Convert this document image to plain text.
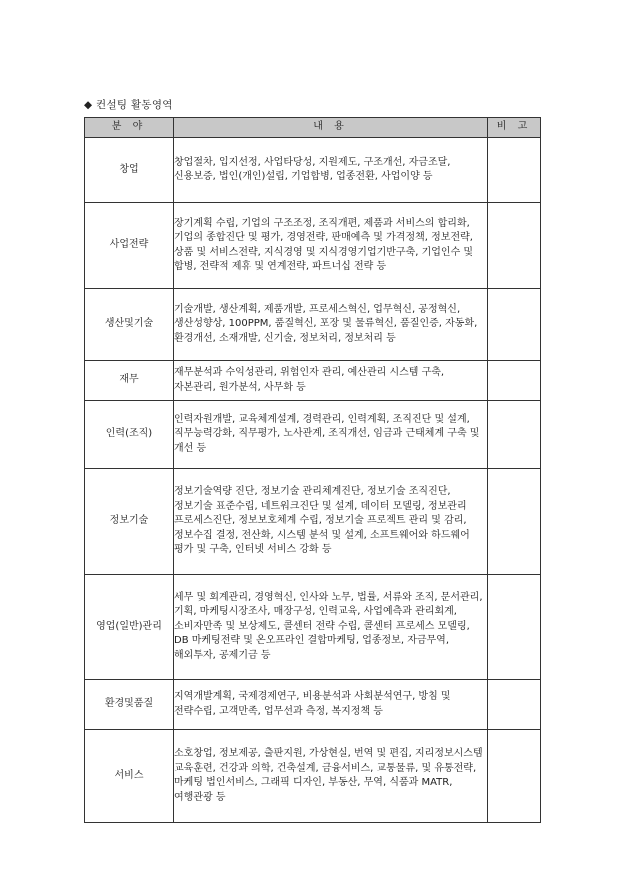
◆ 컨설팅 활동영역
분 야	내 용	비 고
창업	창업절차, 입지선정, 사업타당성, 지원제도, 구조개선, 자금조달, 신용보증, 법인(개인)설립, 기업합병, 업종전환, 사업이양 등	
사업전략	장기계획 수립, 기업의 구조조정, 조직개편, 제품과 서비스의 합리화, 기업의 종합진단 및 평가, 경영전략, 판매예측 및 가격정책, 정보전략, 상품 및 서비스전략, 지식경영 및 지식경영기업기반구축, 기업인수 및 합병, 전략적 제휴 및 연계전략, 파트너십 전략 등	
생산및기술	기술개발, 생산계획, 제품개발, 프로세스혁신, 업무혁신, 공정혁신, 생산성향상, 100PPM, 품질혁신, 포장 및 물류혁신, 품질인증, 자동화, 환경개선, 소재개발, 신기술, 정보처리, 정보처리 등	
재무	재무분석과 수익성관리, 위험인자 관리, 예산관리 시스템 구축, 자본관리, 원가분석, 사무화 등	
인력(조직)	인력자원개발, 교육체계설계, 경력관리, 인력계획, 조직진단 및 설계, 직무능력강화, 직무평가, 노사관계, 조직개선, 임금과 근태체계 구축 및 개선 등	
정보기술	정보기술역량 진단, 정보기술 관리체계진단, 정보기술 조직진단, 정보기술 표준수립, 네트워크진단 및 설계, 데이터 모델링, 정보관리 프로세스진단, 정보보호체계 수립, 정보기술 프로젝트 관리 및 감리, 정보수집 결정, 전산화, 시스템 분석 및 설계, 소프트웨어와 하드웨어 평가 및 구축, 인터넷 서비스 강화 등	
영업(일반)관리	세무 및 회계관리, 경영혁신, 인사와 노무, 법률, 서류와 조직, 문서관리, 기획, 마케팅시장조사, 매장구성, 인력교육, 사업예측과 관리회계, 소비자만족 및 보상제도, 콜센터 전략 수립, 콜센터 프로세스 모델링, DB 마케팅전략 및 온오프라인 결합마케팅, 업종정보, 자금무역, 해외투자, 공제기금 등	
환경및품질	지역개발계획, 국제경제연구, 비용분석과 사회분석연구, 방침 및 전략수립, 고객만족, 업무선과 측정, 복지정책 등	
서비스	소호창업, 정보제공, 출판지원, 가상현실, 번역 및 편집, 지리정보시스템 교육훈련, 건강과 의학, 건축설계, 금융서비스, 교통물류, 및 유통전략, 마케팅 법인서비스, 그래픽 디자인, 부동산, 무역, 식품과 MATR, 여행관광 등	
